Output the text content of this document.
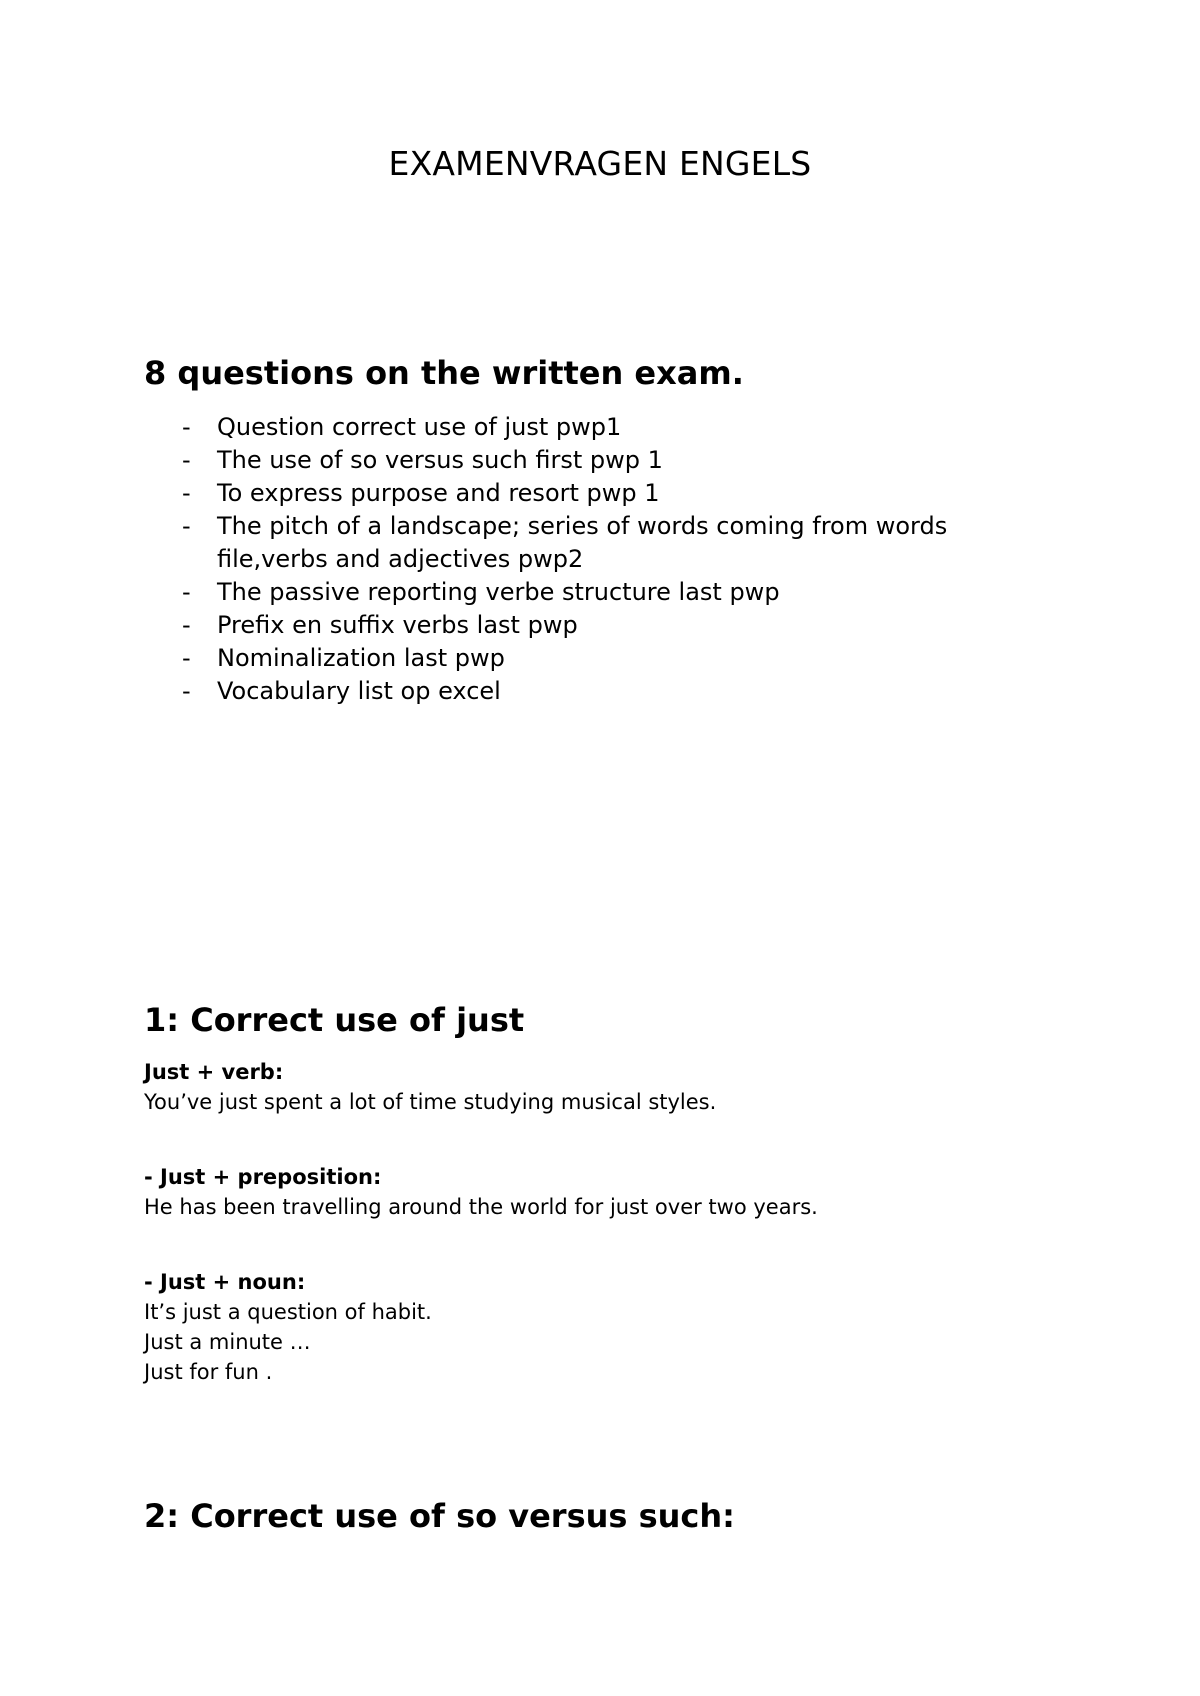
EXAMENVRAGEN ENGELS
8 questions on the written exam.
- Question correct use of just pwp1
- The use of so versus such first pwp 1
- To express purpose and resort pwp 1
- The pitch of a landscape; series of words coming from words file,verbs and adjectives pwp2
- The passive reporting verbe structure last pwp
- Prefix en suffix verbs last pwp
- Nominalization last pwp
- Vocabulary list op excel
1: Correct use of just
Just + verb:
You’ve just spent a lot of time studying musical styles.
- Just + preposition:
He has been travelling around the world for just over two years.
- Just + noun:
It’s just a question of habit.
Just a minute …
Just for fun .
2: Correct use of so versus such:
